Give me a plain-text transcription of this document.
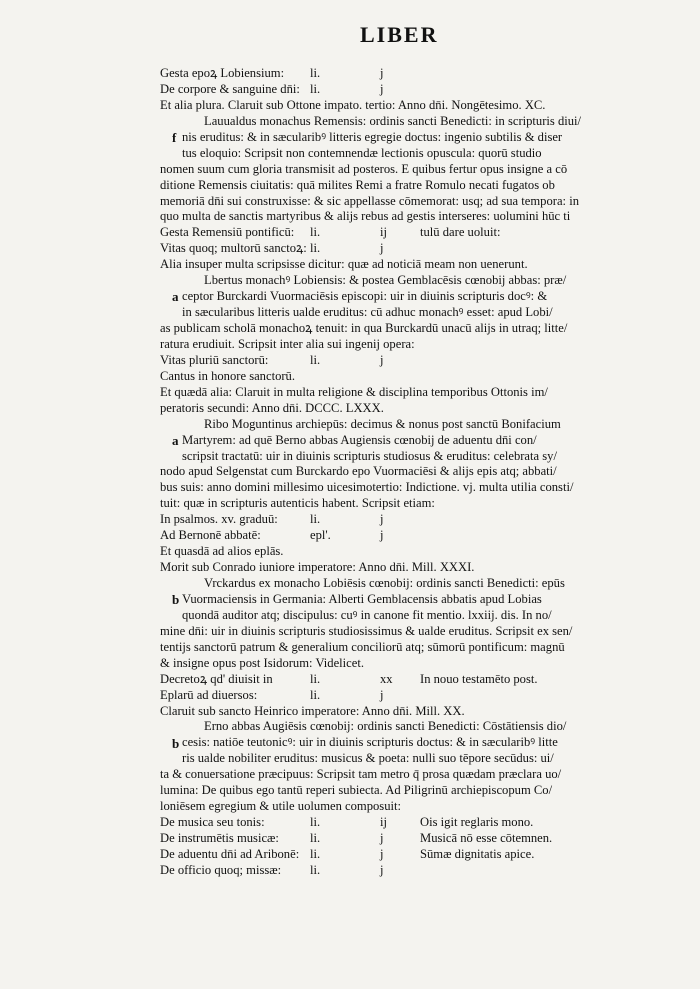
LIBER
Gesta epoꝝ Lobiensium: li.	j
De corpore & sanguine dn̄i: li.	j
Et alia plura. Claruit sub Ottone impato. tertio: Anno dn̄i. Nongētesimo. XC.
Lauualdus monachus Remensis: ordinis sancti Benedicti: in scripturis diui/
nis eruditus: & in sæcularibꝰ litteris egregie doctus: ingenio subtilis & diser
tus eloquio: Scripsit non contemnendæ lectionis opuscula: quorū studio
nomen suum cum gloria transmisit ad posteros. E quibus fertur opus insigne a cō
ditione Remensis ciuitatis: quā milites Remi a fratre Romulo necati fugatos ob
memoriā dn̄i sui construxisse: & sic appellasse cōmemorat: usq; ad sua tempora: in
quo multa de sanctis martyribus & alijs rebus ad gestis interseres: uolumini hūc ti
Gesta Remensiū pontificū: li.	ij	tulū dare uoluit:
Vitas quoq; multorū sanctoꝝ: li.	j
Alia insuper multa scripsisse dicitur: quæ ad noticiā meam non uenerunt.
Lbertus monachꝰ Lobiensis: & postea Gemblacēsis cœnobij abbas: præ/
ceptor Burckardi Vuormaciēsis episcopi: uir in diuinis scripturis docꝰ: &
in sæcularibus litteris ualde eruditus: cū adhuc monachꝰ esset: apud Lobi/
as publicam scholā monachoꝝ tenuit: in qua Burckardū unacū alijs in utraq; litte/
ratura erudiuit. Scripsit inter alia sui ingenij opera:
Vitas pluriū sanctorū:	li.	j
Cantus in honore sanctorū.
Et quædā alia: Claruit in multa religione & disciplina temporibus Ottonis im/
peratoris secundi: Anno dn̄i. DCCC. LXXX.
Ribo Moguntinus archiepūs: decimus & nonus post sanctū Bonifacium
Martyrem: ad quē Berno abbas Augiensis cœnobij de aduentu dn̄i con/
scripsit tractatū: uir in diuinis scripturis studiosus & eruditus: celebrata sy/
nodo apud Selgenstat cum Burckardo epo Vuormaciēsi & alijs epis atq; abbati/
bus suis: anno domini millesimo uicesimotertio: Indictione. vj. multa utilia consti/
tuit: quæ in scripturis autenticis habent. Scripsit etiam:
In psalmos. xv. graduū:	li.	j
Ad Bernonē abbatē:	epl'.	j
Et quasdā ad alios eplās.
Morit sub Conrado iuniore imperatore: Anno dn̄i. Mill. XXXI.
Vrckardus ex monacho Lobiēsis cœnobij: ordinis sancti Benedicti: epūs
Vuormaciensis in Germania: Alberti Gemblacensis abbatis apud Lobias
quondā auditor atq; discipulus: cuꝰ in canone fit mentio. lxxiij. dis. In no/
mine dn̄i: uir in diuinis scripturis studiosissimus & ualde eruditus. Scripsit ex sen/
tentijs sanctorū patrum & generalium conciliorū atq; sūmorū pontificum: magnū
& insigne opus post Isidorum: Videlicet.
Decretoꝝ qd' diuisit in	li.	xx In nouo testamēto post.
Eplarū ad diuersos:	li.	j
Claruit sub sancto Heinrico imperatore: Anno dn̄i. Mill. XX.
Erno abbas Augiēsis cœnobij: ordinis sancti Benedicti: Cōstātiensis dio/
cesis: natiōe teutonicꝰ: uir in diuinis scripturis doctus: & in sæcularibꝰ litte
ris ualde nobiliter eruditus: musicus & poeta: nulli suo tēpore secūdus: ui/
ta & conuersatione præcipuus: Scripsit tam metro q̄ prosa quædam præclara uo/
lumina: De quibus ego tantū reperi subiecta. Ad Piligrinū archiepiscopum Co/
loniēsem egregium & utile uolumen composuit:
De musica seu tonis:	li.	ij	Ois igit reglaris mono.
De instrumētis musicæ: li.	j	Musicā nō esse cōtemnen.
De aduentu dn̄i ad Aribonē: li.	j	Sūmæ dignitatis apice.
De officio quoq; missæ: li.	j
f
a
a
b
b
